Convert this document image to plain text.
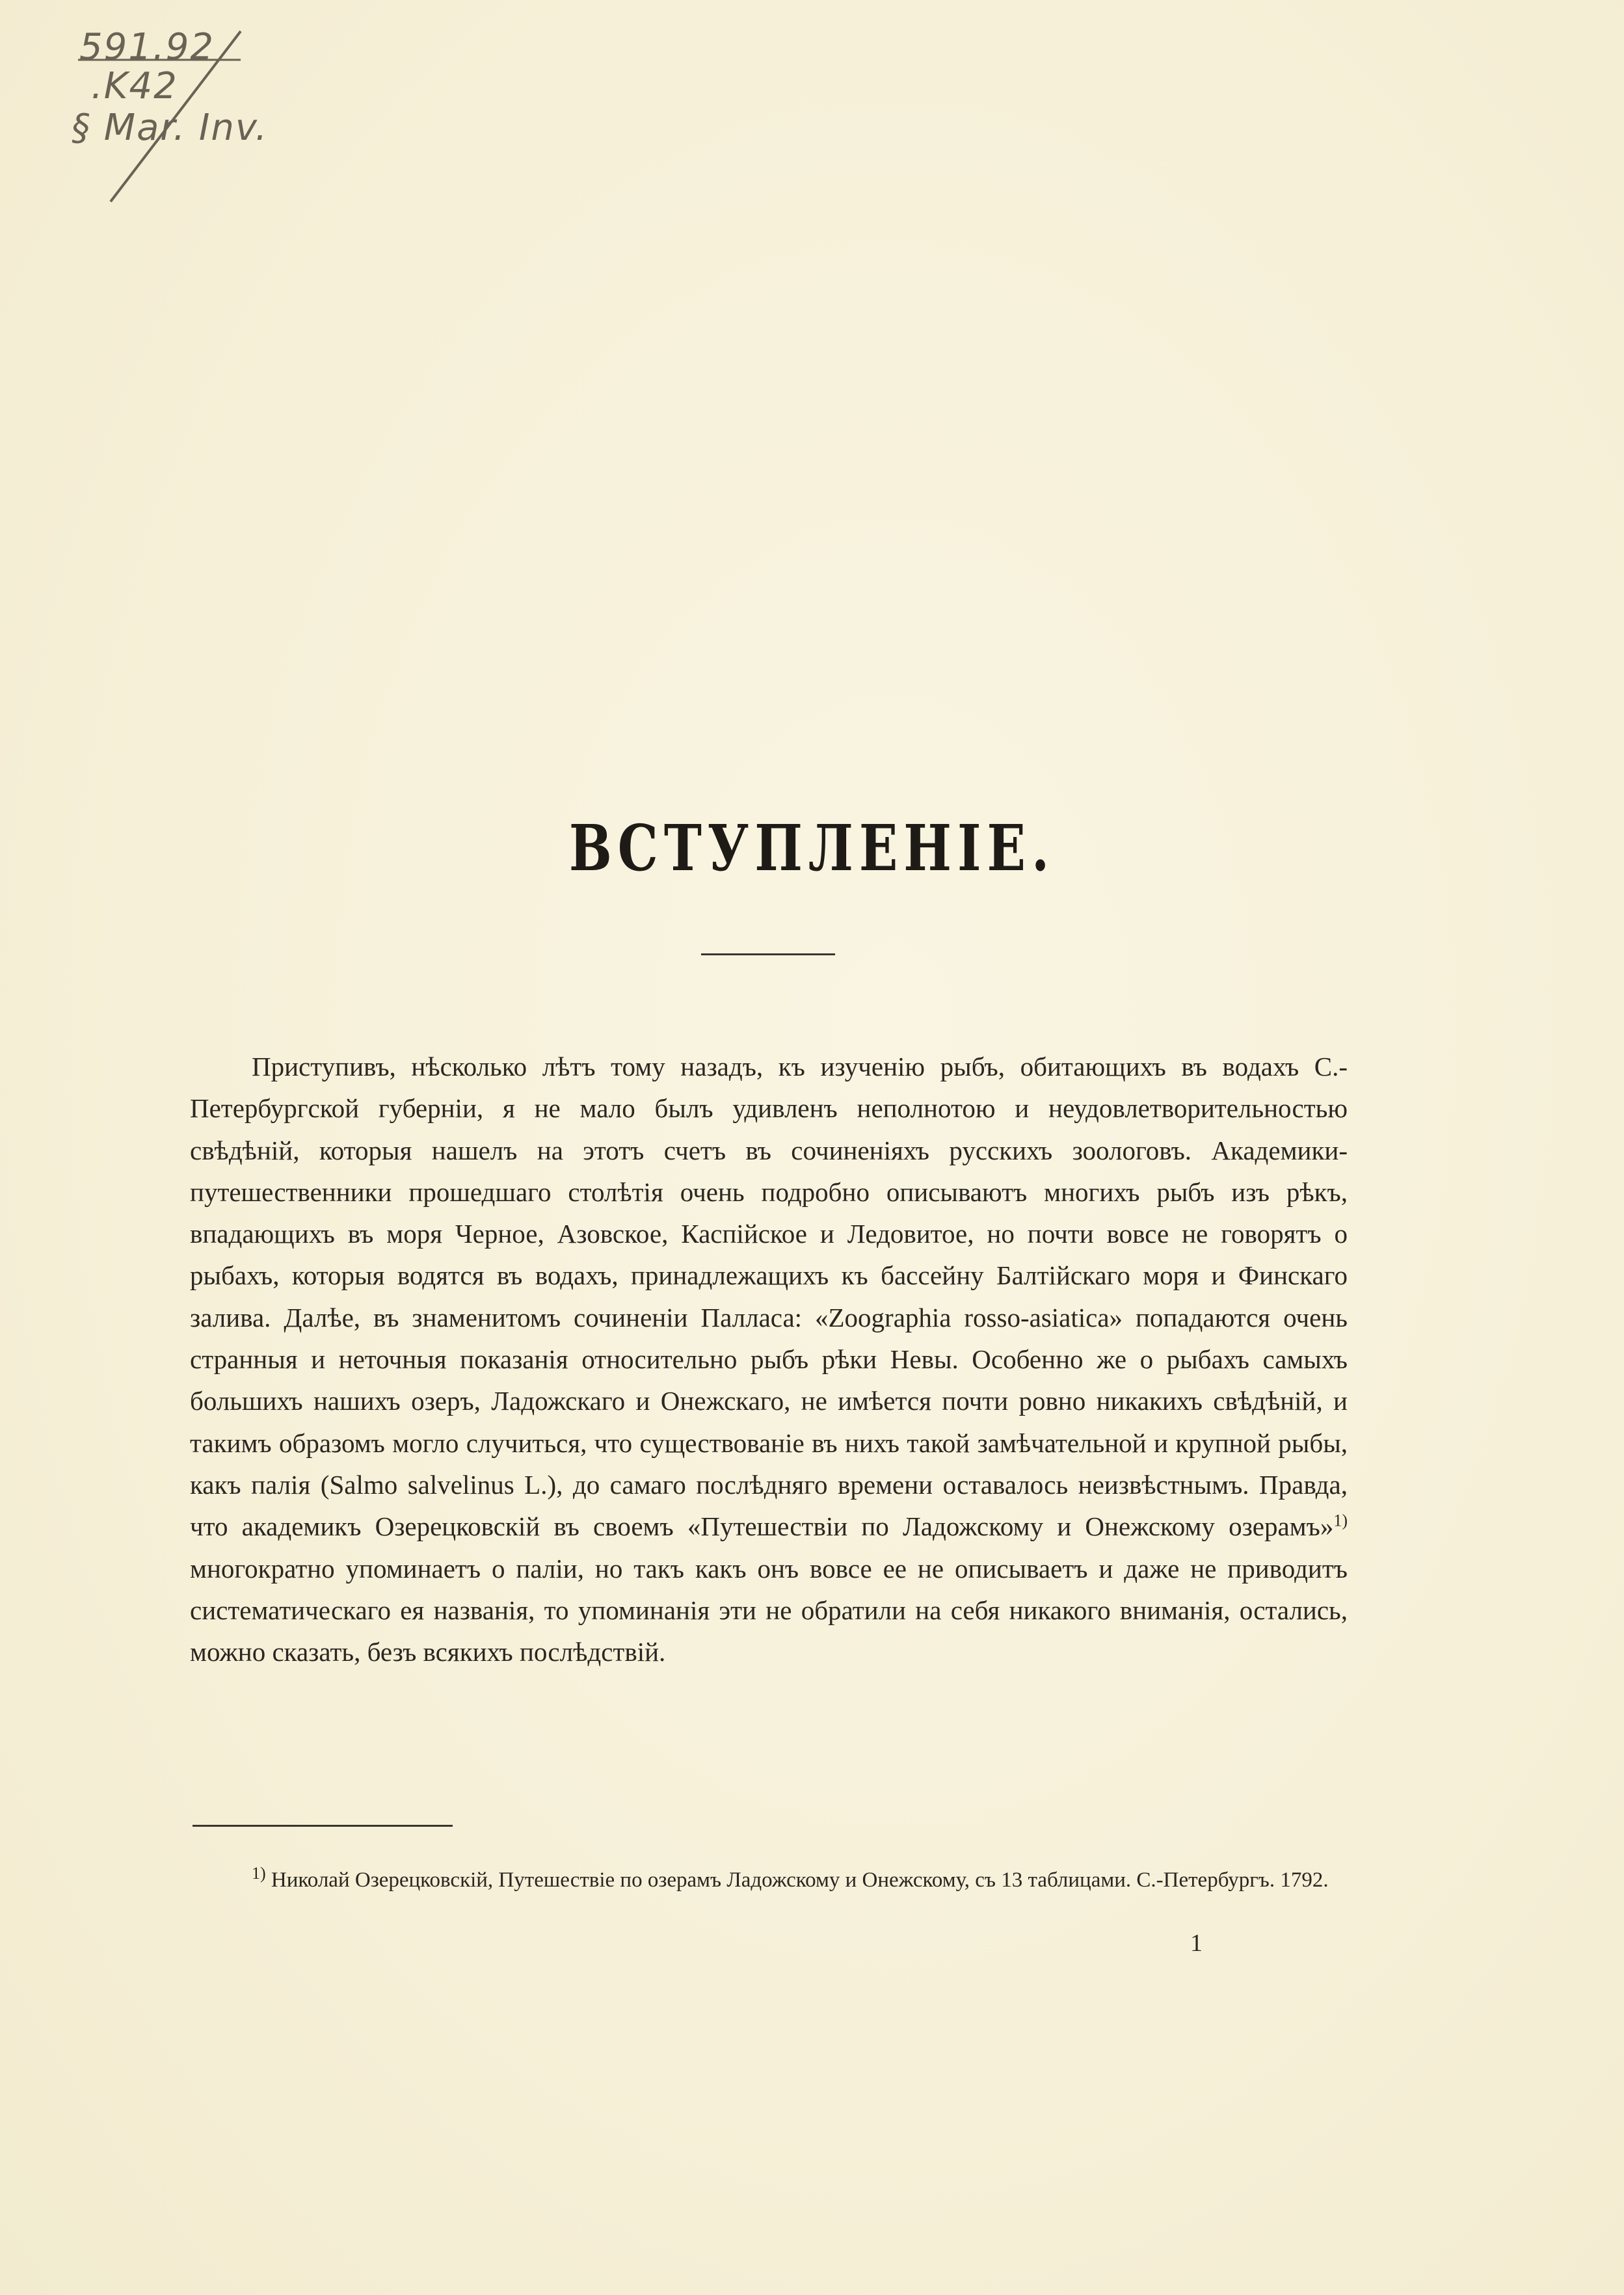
591.92
.K42
§ Mar. Inv.
ВСТУПЛЕНІЕ.

Приступивъ, нѣсколько лѣтъ тому назадъ, къ изученію рыбъ, обитающихъ въ водахъ С.-Петербургской губерніи, я не мало былъ удивленъ неполнотою и неудовлетворительностью свѣдѣній, которыя нашелъ на этотъ счетъ въ сочиненіяхъ русскихъ зоологовъ. Академики-путешественники прошедшаго столѣтія очень подробно описываютъ многихъ рыбъ изъ рѣкъ, впадающихъ въ моря Черное, Азовское, Каспійское и Ледовитое, но почти вовсе не говорятъ о рыбахъ, которыя водятся въ водахъ, принадлежащихъ къ бассейну Балтійскаго моря и Финскаго залива. Далѣе, въ знаменитомъ сочиненіи Палласа: «Zoographia rosso-asiatica» попадаются очень странныя и неточныя показанія относительно рыбъ рѣки Невы. Особенно же о рыбахъ самыхъ большихъ нашихъ озеръ, Ладожскаго и Онежскаго, не имѣется почти ровно никакихъ свѣдѣній, и такимъ образомъ могло случиться, что существованіе въ нихъ такой замѣчательной и крупной рыбы, какъ палія (Salmo salvelinus L.), до самаго послѣдняго времени оставалось неизвѣстнымъ. Правда, что академикъ Озерецковскій въ своемъ «Путешествіи по Ладожскому и Онежскому озерамъ»$^{1)}$ многократно упоминаетъ о паліи, но такъ какъ онъ вовсе ее не описываетъ и даже не приводитъ систематическаго ея названія, то упоминанія эти не обратили на себя никакого вниманія, остались, можно сказать, безъ всякихъ послѣдствій.

$^{1)}$ Николай Озерецковскій, Путешествіе по озерамъ Ладожскому и Онежскому, съ 13 таблицами. С.-Петербургъ. 1792.

1
